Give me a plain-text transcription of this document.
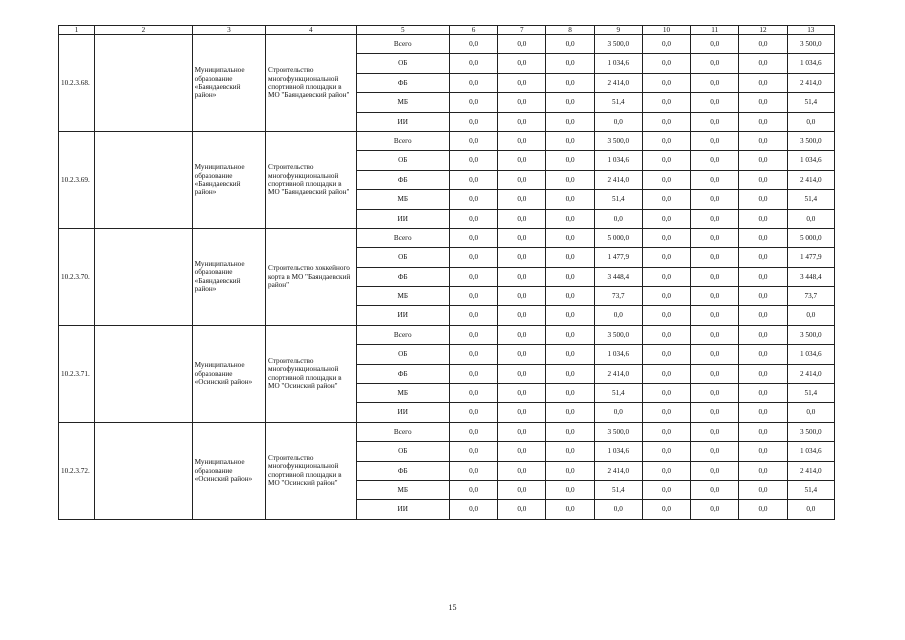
1	2	3	4	5	6	7	8	9	10	11	12	13
10.2.3.68.		Муниципальное образование «Баяндаевский район»	Строительство многофункциональной спортивной площадки в МО "Баяндаевский район"	Всего	0,0	0,0	0,0	3 500,0	0,0	0,0	0,0	3 500,0
				ОБ	0,0	0,0	0,0	1 034,6	0,0	0,0	0,0	1 034,6
				ФБ	0,0	0,0	0,0	2 414,0	0,0	0,0	0,0	2 414,0
				МБ	0,0	0,0	0,0	51,4	0,0	0,0	0,0	51,4
				ИИ	0,0	0,0	0,0	0,0	0,0	0,0	0,0	0,0
10.2.3.69.		Муниципальное образование «Баяндаевский район»	Строительство многофункциональной спортивной площадки в МО "Баяндаевский район"	Всего	0,0	0,0	0,0	3 500,0	0,0	0,0	0,0	3 500,0
				ОБ	0,0	0,0	0,0	1 034,6	0,0	0,0	0,0	1 034,6
				ФБ	0,0	0,0	0,0	2 414,0	0,0	0,0	0,0	2 414,0
				МБ	0,0	0,0	0,0	51,4	0,0	0,0	0,0	51,4
				ИИ	0,0	0,0	0,0	0,0	0,0	0,0	0,0	0,0
10.2.3.70.		Муниципальное образование «Баяндаевский район»	Строительство хоккейного корта в МО "Баяндаевский район"	Всего	0,0	0,0	0,0	5 000,0	0,0	0,0	0,0	5 000,0
				ОБ	0,0	0,0	0,0	1 477,9	0,0	0,0	0,0	1 477,9
				ФБ	0,0	0,0	0,0	3 448,4	0,0	0,0	0,0	3 448,4
				МБ	0,0	0,0	0,0	73,7	0,0	0,0	0,0	73,7
				ИИ	0,0	0,0	0,0	0,0	0,0	0,0	0,0	0,0
10.2.3.71.		Муниципальное образование «Осинский район»	Строительство многофункциональной спортивной площадки в МО "Осинский район"	Всего	0,0	0,0	0,0	3 500,0	0,0	0,0	0,0	3 500,0
				ОБ	0,0	0,0	0,0	1 034,6	0,0	0,0	0,0	1 034,6
				ФБ	0,0	0,0	0,0	2 414,0	0,0	0,0	0,0	2 414,0
				МБ	0,0	0,0	0,0	51,4	0,0	0,0	0,0	51,4
				ИИ	0,0	0,0	0,0	0,0	0,0	0,0	0,0	0,0
10.2.3.72.		Муниципальное образование «Осинский район»	Строительство многофункциональной спортивной площадки в МО "Осинский район"	Всего	0,0	0,0	0,0	3 500,0	0,0	0,0	0,0	3 500,0
				ОБ	0,0	0,0	0,0	1 034,6	0,0	0,0	0,0	1 034,6
				ФБ	0,0	0,0	0,0	2 414,0	0,0	0,0	0,0	2 414,0
				МБ	0,0	0,0	0,0	51,4	0,0	0,0	0,0	51,4
				ИИ	0,0	0,0	0,0	0,0	0,0	0,0	0,0	0,0
15
